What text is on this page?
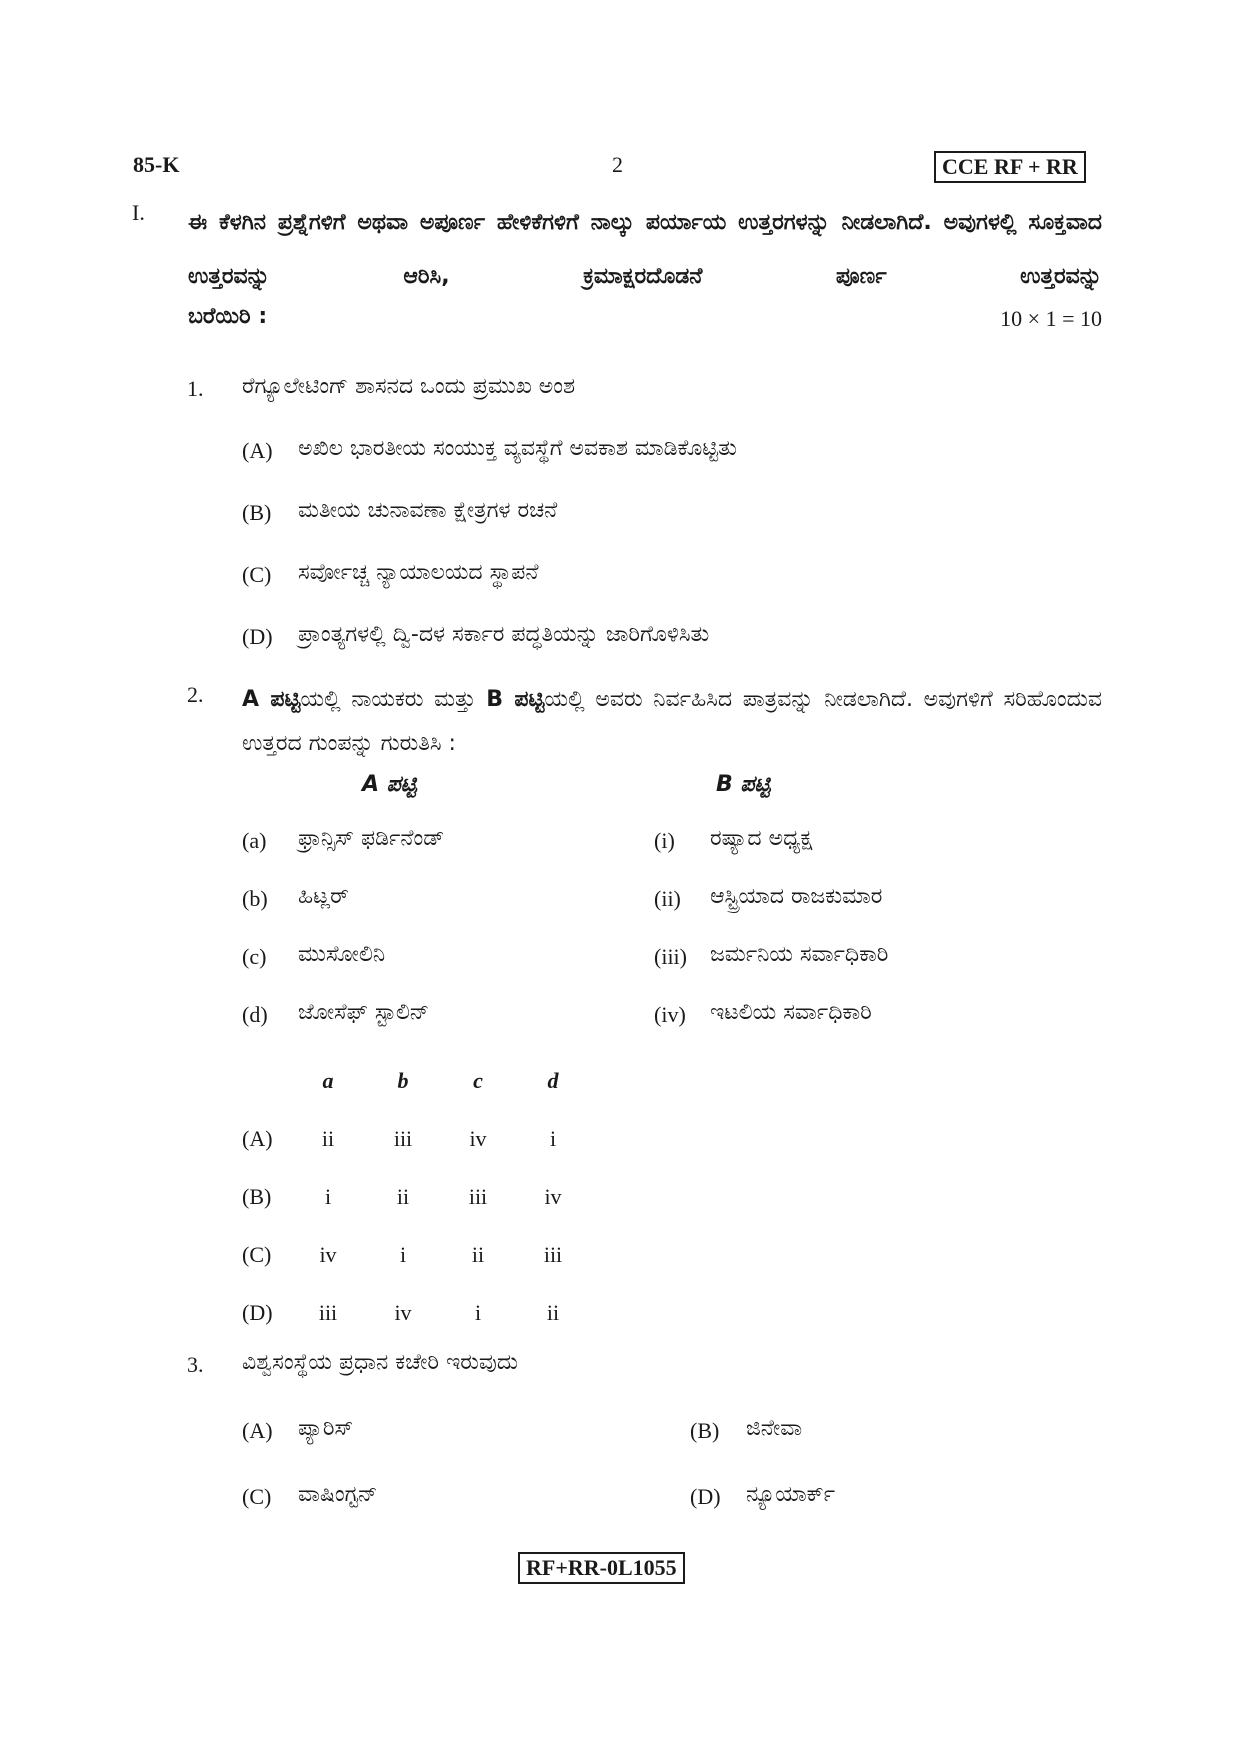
85-K	2	CCE RF + RR
I. ಈ ಕೆಳಗಿನ ಪ್ರಶ್ನೆಗಳಿಗೆ ಅಥವಾ ಅಪೂರ್ಣ ಹೇಳಿಕೆಗಳಿಗೆ ನಾಲ್ಕು ಪರ್ಯಾಯ ಉತ್ತರಗಳನ್ನು ನೀಡಲಾಗಿದೆ. ಅವುಗಳಲ್ಲಿ ಸೂಕ್ತವಾದ ಉತ್ತರವನ್ನು ಆರಿಸಿ, ಕ್ರಮಾಕ್ಷರದೊಡನೆ ಪೂರ್ಣ ಉತ್ತರವನ್ನು
ಬರೆಯಿರಿ :	10 × 1 = 10
1. ರೆಗ್ಯೂಲೇಟಿಂಗ್ ಶಾಸನದ ಒಂದು ಪ್ರಮುಖ ಅಂಶ
(A) ಅಖಿಲ ಭಾರತೀಯ ಸಂಯುಕ್ತ ವ್ಯವಸ್ಥೆಗೆ ಅವಕಾಶ ಮಾಡಿಕೊಟ್ಟಿತು
(B) ಮತೀಯ ಚುನಾವಣಾ ಕ್ಷೇತ್ರಗಳ ರಚನೆ
(C) ಸರ್ವೋಚ್ಚ ನ್ಯಾಯಾಲಯದ ಸ್ಥಾಪನೆ
(D) ಪ್ರಾಂತ್ಯಗಳಲ್ಲಿ ದ್ವಿ-ದಳ ಸರ್ಕಾರ ಪದ್ಧತಿಯನ್ನು ಜಾರಿಗೊಳಿಸಿತು
2. A ಪಟ್ಟಿಯಲ್ಲಿ ನಾಯಕರು ಮತ್ತು B ಪಟ್ಟಿಯಲ್ಲಿ ಅವರು ನಿರ್ವಹಿಸಿದ ಪಾತ್ರವನ್ನು ನೀಡಲಾಗಿದೆ. ಅವುಗಳಿಗೆ ಸರಿಹೊಂದುವ ಉತ್ತರದ ಗುಂಪನ್ನು ಗುರುತಿಸಿ :
A ಪಟ್ಟಿ	B ಪಟ್ಟಿ
(a) ಫ್ರಾನ್ಸಿಸ್ ಫರ್ಡಿನೆಂಡ್	(i) ರಷ್ಯಾದ ಅಧ್ಯಕ್ಷ
(b) ಹಿಟ್ಲರ್	(ii) ಆಸ್ಟ್ರಿಯಾದ ರಾಜಕುಮಾರ
(c) ಮುಸೋಲಿನಿ	(iii) ಜರ್ಮನಿಯ ಸರ್ವಾಧಿಕಾರಿ
(d) ಜೋಸೆಫ್ ಸ್ಟಾಲಿನ್	(iv) ಇಟಲಿಯ ಸರ್ವಾಧಿಕಾರಿ
a	b	c	d
(A)	ii	iii	iv	i
(B)	i	ii	iii	iv
(C)	iv	i	ii	iii
(D)	iii	iv	i	ii
3. ವಿಶ್ವಸಂಸ್ಥೆಯ ಪ್ರಧಾನ ಕಚೇರಿ ಇರುವುದು
(A) ಪ್ಯಾರಿಸ್	(B) ಜಿನೇವಾ
(C) ವಾಷಿಂಗ್ಟನ್	(D) ನ್ಯೂಯಾರ್ಕ್
RF+RR-0L1055
